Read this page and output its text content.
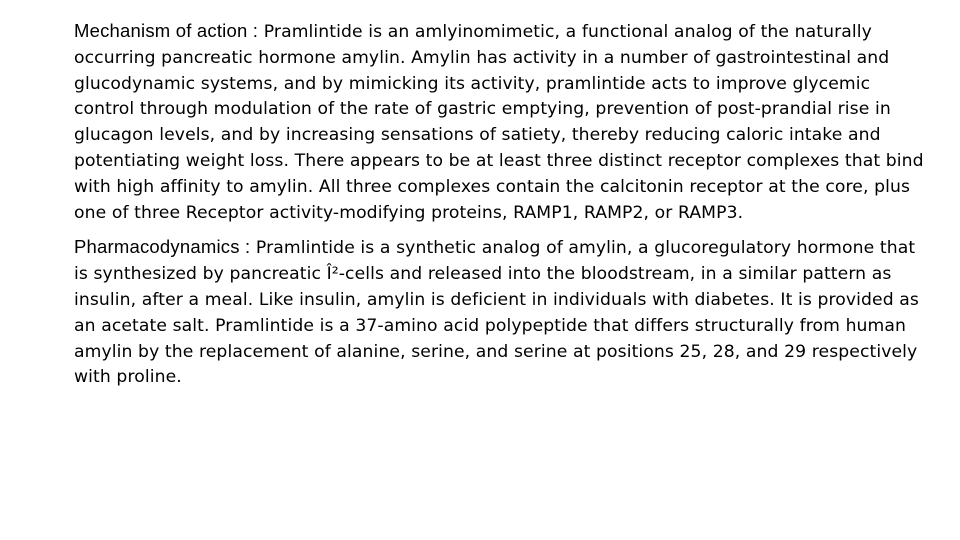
Mechanism of action : Pramlintide is an amlyinomimetic, a functional analog of the naturally occurring pancreatic hormone amylin. Amylin has activity in a number of gastrointestinal and glucodynamic systems, and by mimicking its activity, pramlintide acts to improve glycemic control through modulation of the rate of gastric emptying, prevention of post-prandial rise in glucagon levels, and by increasing sensations of satiety, thereby reducing caloric intake and potentiating weight loss. There appears to be at least three distinct receptor complexes that bind with high affinity to amylin. All three complexes contain the calcitonin receptor at the core, plus one of three Receptor activity-modifying proteins, RAMP1, RAMP2, or RAMP3.

Pharmacodynamics : Pramlintide is a synthetic analog of amylin, a glucoregulatory hormone that is synthesized by pancreatic Î²-cells and released into the bloodstream, in a similar pattern as insulin, after a meal. Like insulin, amylin is deficient in individuals with diabetes. It is provided as an acetate salt. Pramlintide is a 37-amino acid polypeptide that differs structurally from human amylin by the replacement of alanine, serine, and serine at positions 25, 28, and 29 respectively with proline.
